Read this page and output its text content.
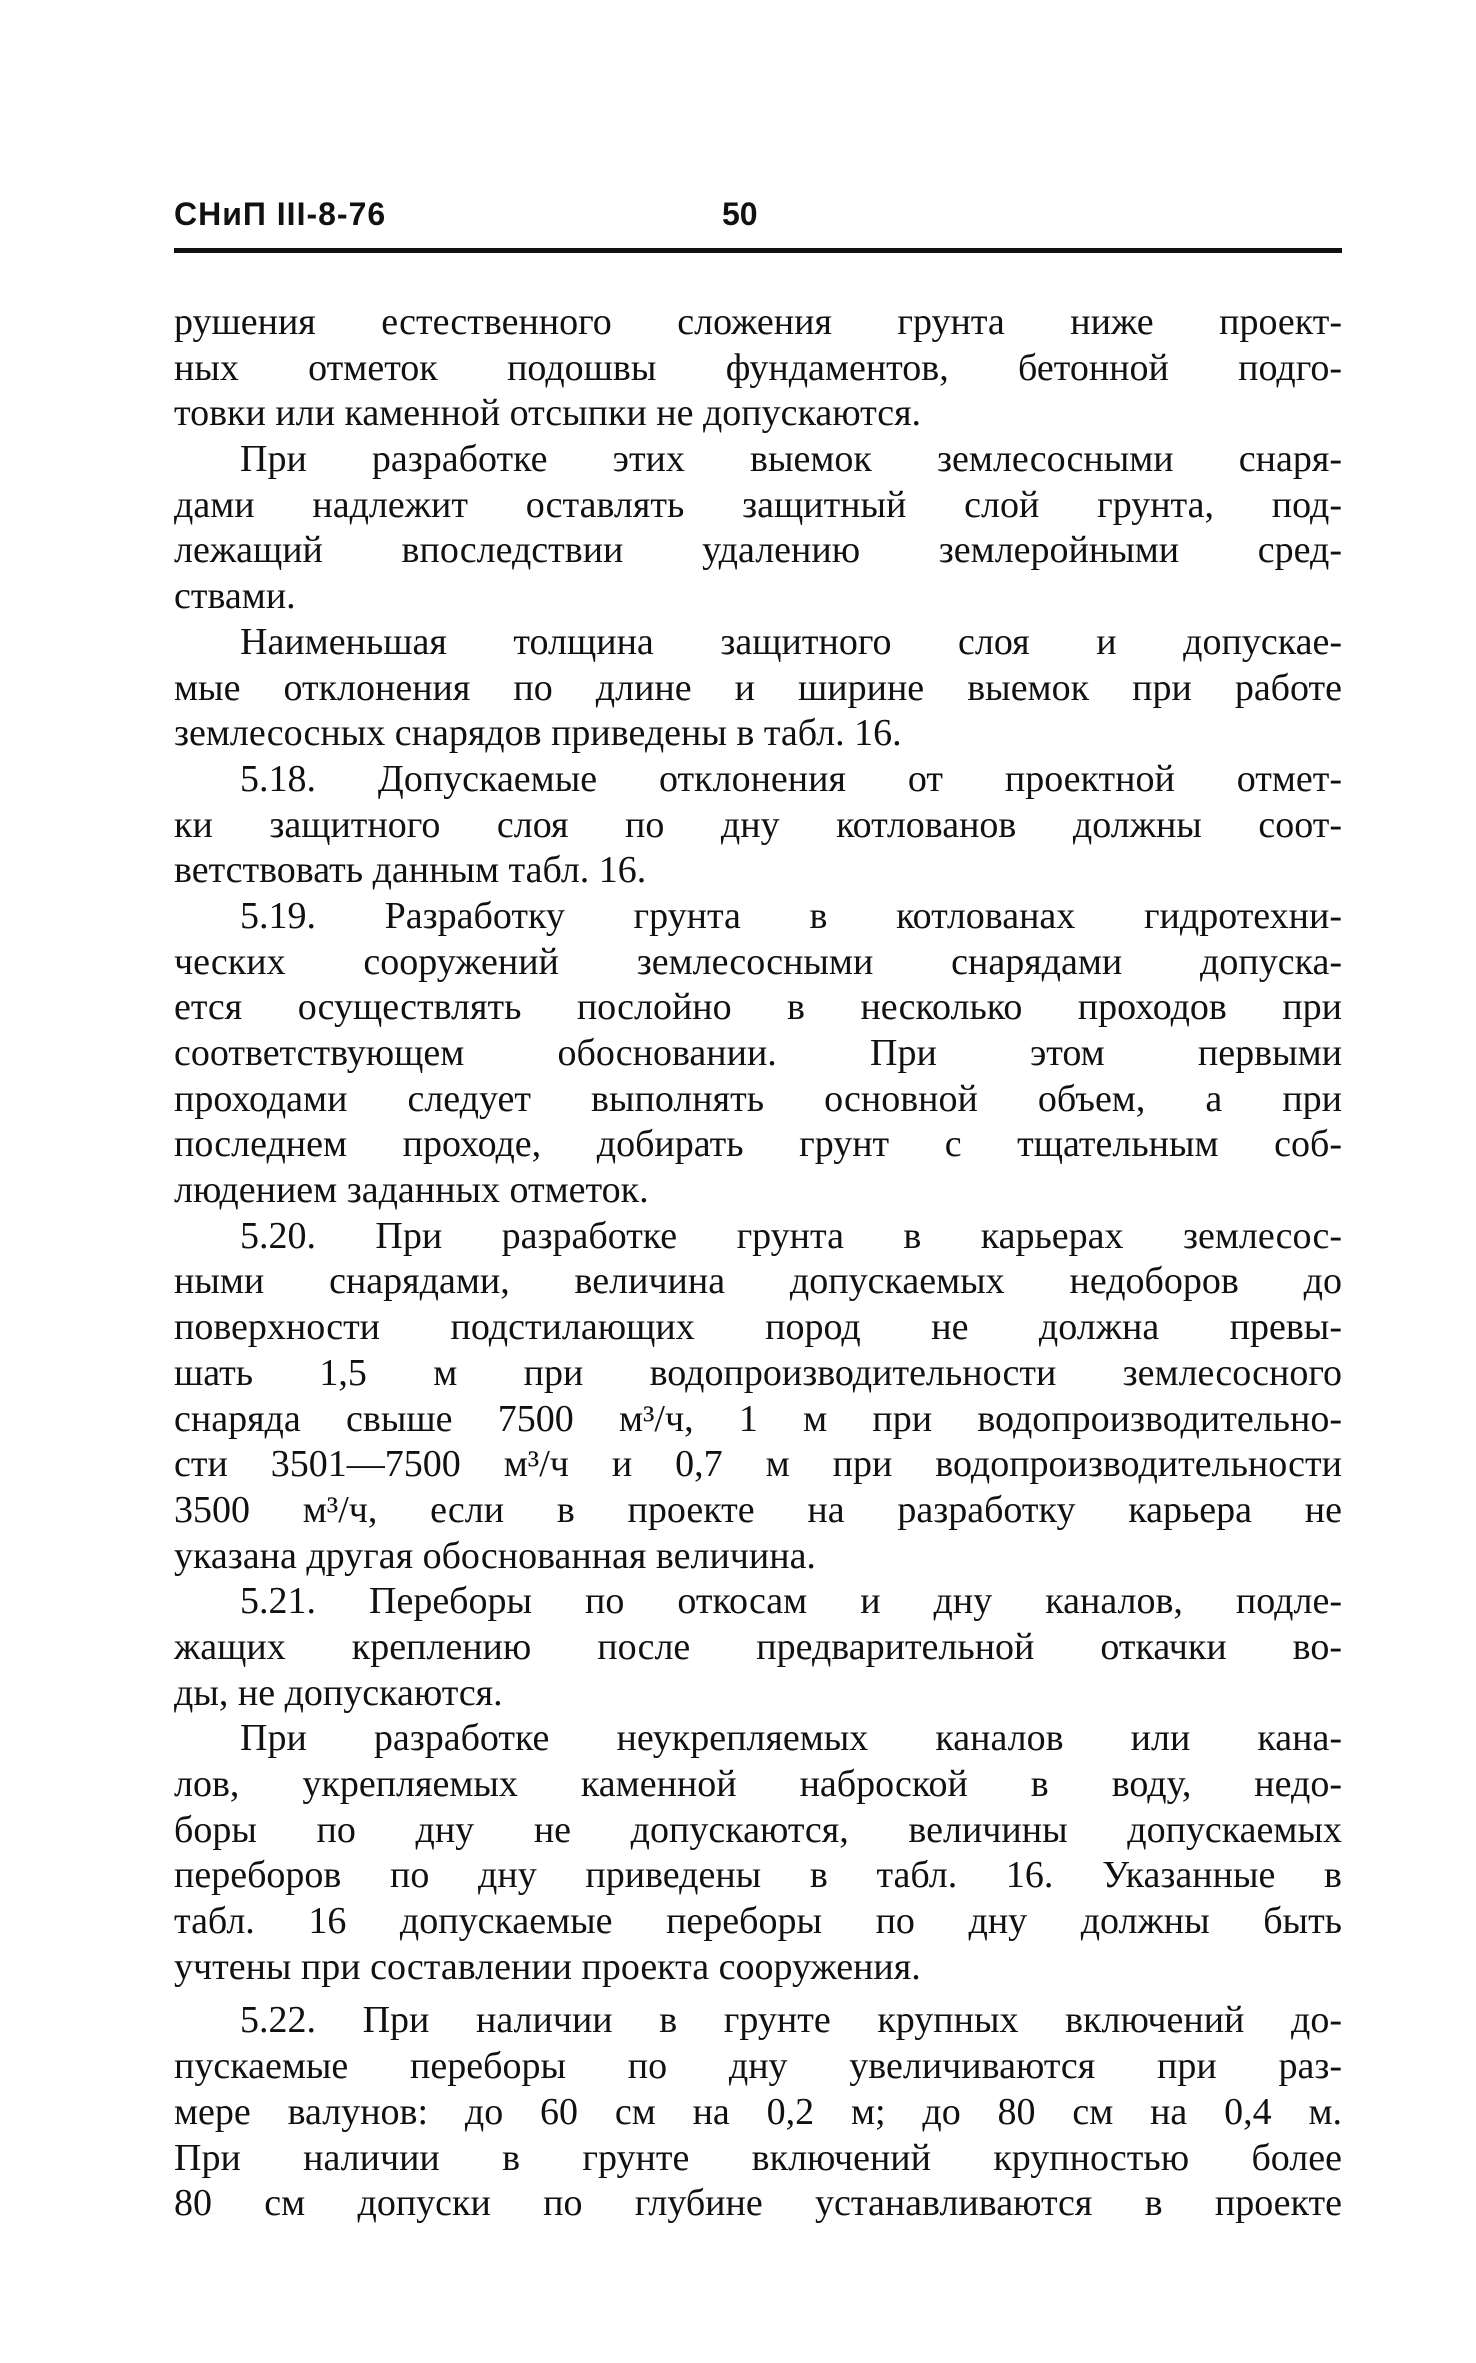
СНиП III-8-76	50
рушения естественного сложения грунта ниже проект-
ных отметок подошвы фундаментов, бетонной подго-
товки или каменной отсыпки не допускаются.
При разработке этих выемок землесосными снаря-
дами надлежит оставлять защитный слой грунта, под-
лежащий впоследствии удалению землеройными сред-
ствами.
Наименьшая толщина защитного слоя и допускае-
мые отклонения по длине и ширине выемок при работе
землесосных снарядов приведены в табл. 16.
5.18. Допускаемые отклонения от проектной отмет-
ки защитного слоя по дну котлованов должны соот-
ветствовать данным табл. 16.
5.19. Разработку грунта в котлованах гидротехни-
ческих сооружений землесосными снарядами допуска-
ется осуществлять послойно в несколько проходов при
соответствующем обосновании. При этом первыми
проходами следует выполнять основной объем, а при
последнем проходе, добирать грунт с тщательным соб-
людением заданных отметок.
5.20. При разработке грунта в карьерах землесос-
ными снарядами, величина допускаемых недоборов до
поверхности подстилающих пород не должна превы-
шать 1,5 м при водопроизводительности землесосного
снаряда свыше 7500 м³/ч, 1 м при водопроизводительно-
сти 3501—7500 м³/ч и 0,7 м при водопроизводительности
3500 м³/ч, если в проекте на разработку карьера не
указана другая обоснованная величина.
5.21. Переборы по откосам и дну каналов, подле-
жащих креплению после предварительной откачки во-
ды, не допускаются.
При разработке неукрепляемых каналов или кана-
лов, укрепляемых каменной наброской в воду, недо-
боры по дну не допускаются, величины допускаемых
переборов по дну приведены в табл. 16. Указанные в
табл. 16 допускаемые переборы по дну должны быть
учтены при составлении проекта сооружения.
5.22. При наличии в грунте крупных включений до-
пускаемые переборы по дну увеличиваются при раз-
мере валунов: до 60 см на 0,2 м; до 80 см на 0,4 м.
При наличии в грунте включений крупностью более
80 см допуски по глубине устанавливаются в проекте
